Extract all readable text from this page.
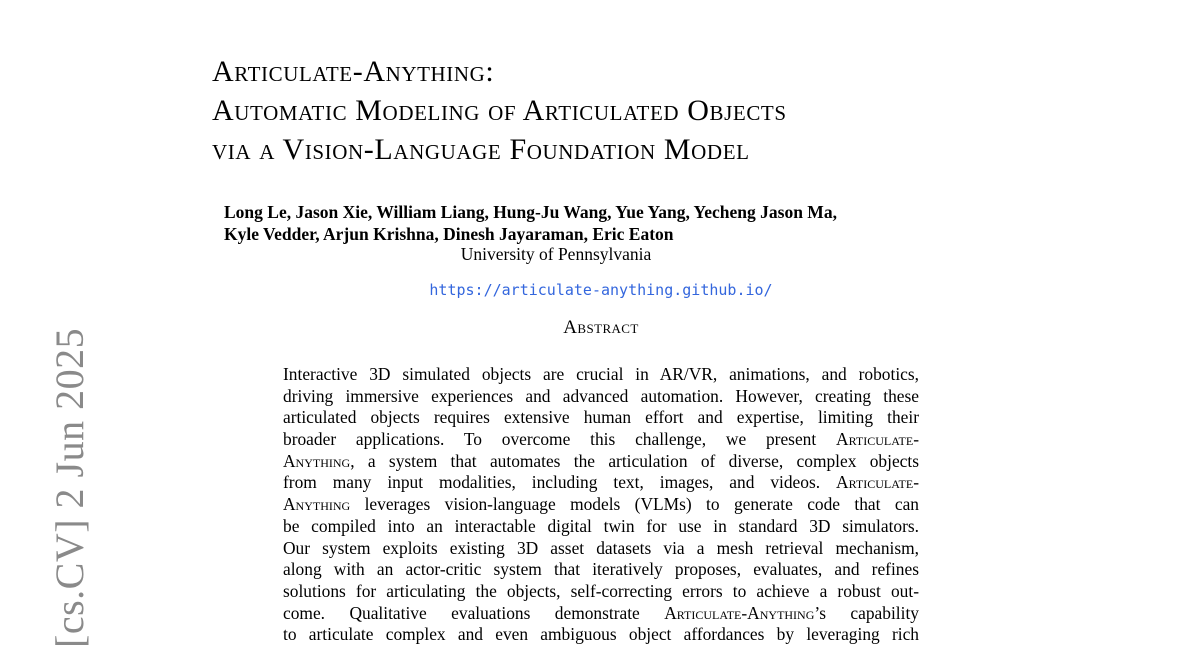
Articulate-Anything:
Automatic Modeling of Articulated Objects
via a Vision-Language Foundation Model
Long Le, Jason Xie, William Liang, Hung-Ju Wang, Yue Yang, Yecheng Jason Ma,
Kyle Vedder, Arjun Krishna, Dinesh Jayaraman, Eric Eaton
University of Pennsylvania
https://articulate-anything.github.io/
Abstract
Interactive 3D simulated objects are crucial in AR/VR, animations, and robotics,
driving immersive experiences and advanced automation. However, creating these
articulated objects requires extensive human effort and expertise, limiting their
broader applications. To overcome this challenge, we present Articulate-
Anything, a system that automates the articulation of diverse, complex objects
from many input modalities, including text, images, and videos. Articulate-
Anything leverages vision-language models (VLMs) to generate code that can
be compiled into an interactable digital twin for use in standard 3D simulators.
Our system exploits existing 3D asset datasets via a mesh retrieval mechanism,
along with an actor-critic system that iteratively proposes, evaluates, and refines
solutions for articulating the objects, self-correcting errors to achieve a robust out-
come. Qualitative evaluations demonstrate Articulate-Anything’s capability
to articulate complex and even ambiguous object affordances by leveraging rich
[cs.CV] 2 Jun 2025
